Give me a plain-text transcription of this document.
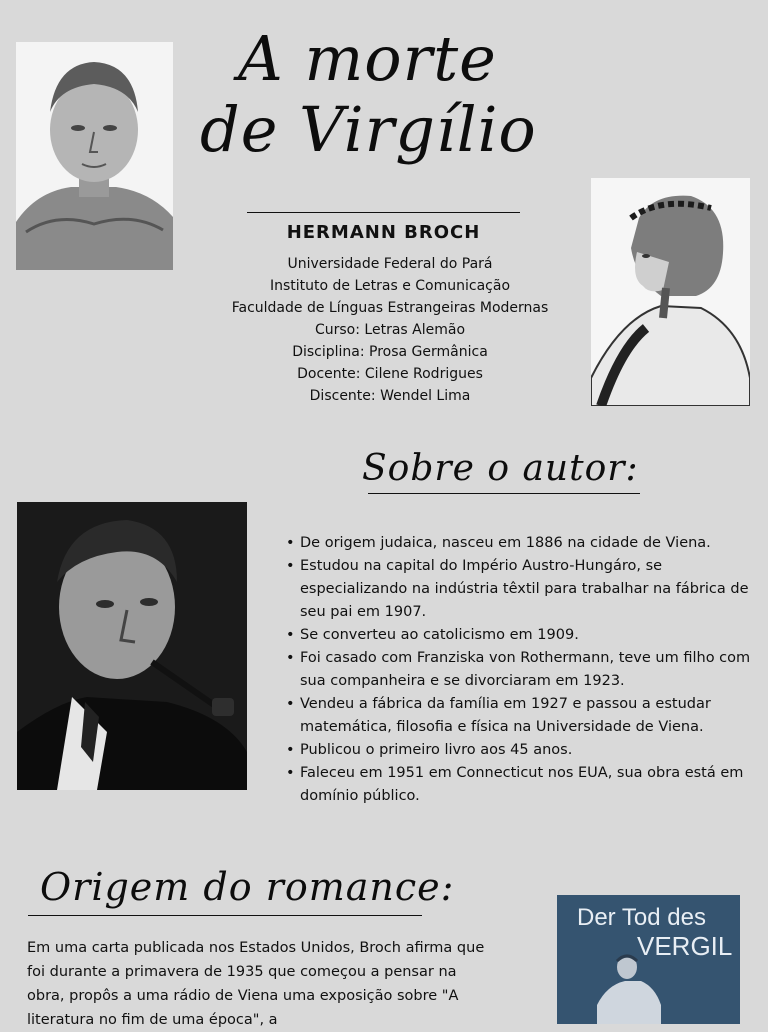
A morte
de Virgílio
HERMANN BROCH
Universidade Federal do Pará
Instituto de Letras e Comunicação
Faculdade de Línguas Estrangeiras Modernas
Curso: Letras Alemão
Disciplina: Prosa Germânica
Docente: Cilene Rodrigues
Discente: Wendel Lima
Sobre o autor:
• De origem judaica, nasceu em 1886 na cidade de Viena.
• Estudou na capital do Império Austro-Hungáro, se especializando na indústria têxtil para trabalhar na fábrica de seu pai em 1907.
• Se converteu ao catolicismo em 1909.
• Foi casado com Franziska von Rothermann, teve um filho com sua companheira e se divorciaram em 1923.
• Vendeu a fábrica da família em 1927 e passou a estudar matemática, filosofia e física na Universidade de Viena.
• Publicou o primeiro livro aos 45 anos.
• Faleceu em 1951 em Connecticut nos EUA, sua obra está em domínio público.
Origem do romance:
Em uma carta publicada nos Estados Unidos, Broch afirma que foi durante a primavera de 1935 que começou a pensar na obra, propôs a uma rádio de Viena uma exposição sobre "A literatura no fim de uma época", a
Der Tod des
VERGIL
